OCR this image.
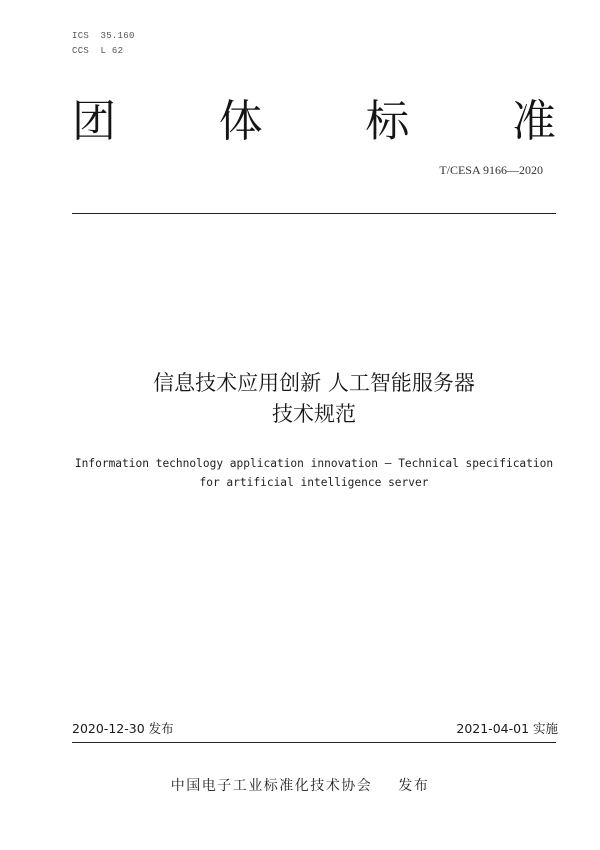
ICS  35.160
CCS  L 62
团 体 标 准
T/CESA 9166—2020
信息技术应用创新 人工智能服务器
技术规范
Information technology application innovation – Technical specification
for artificial intelligence server
2020-12-30 发布	2021-04-01 实施
中国电子工业标准化技术协会 发布
